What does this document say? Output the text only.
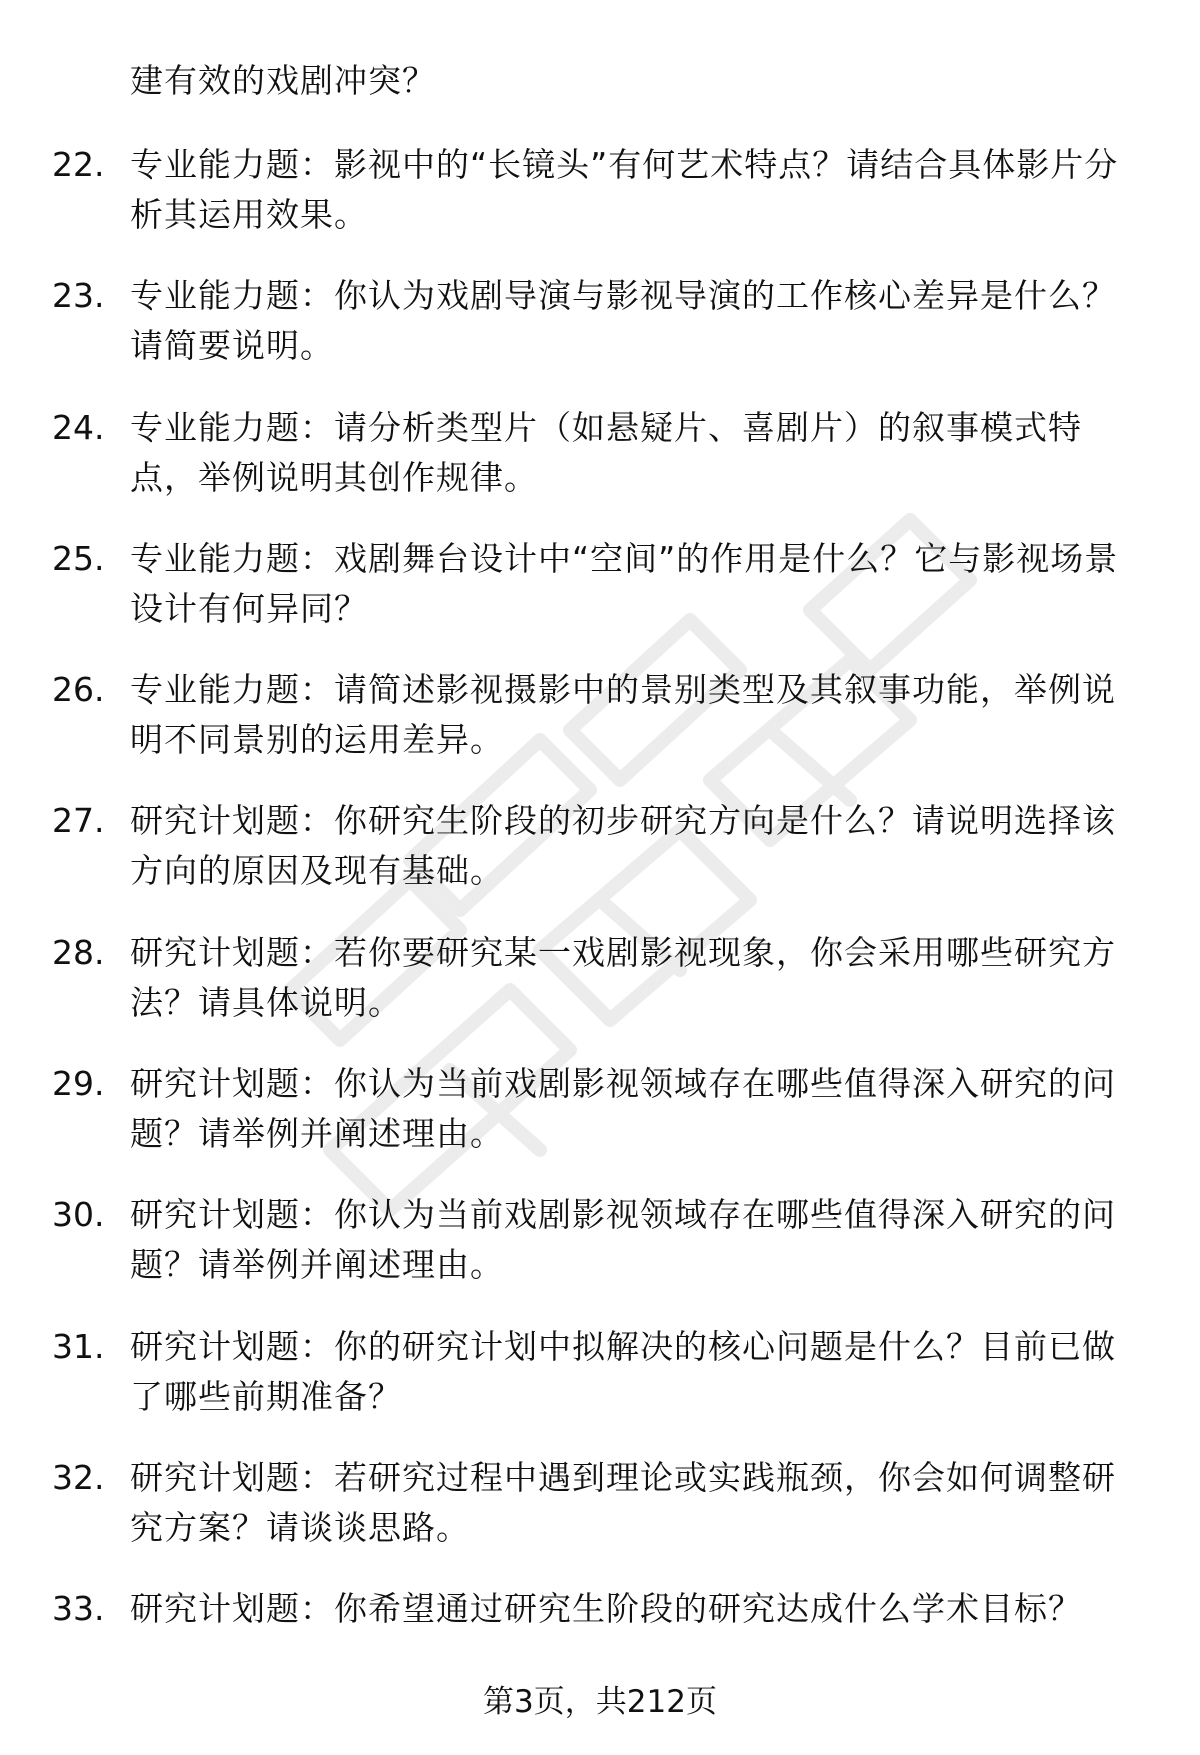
建有效的戏剧冲突？
22. 专业能力题：影视中的“长镜头”有何艺术特点？请结合具体影片分析其运用效果。
23. 专业能力题：你认为戏剧导演与影视导演的工作核心差异是什么？请简要说明。
24. 专业能力题：请分析类型片（如悬疑片、喜剧片）的叙事模式特点，举例说明其创作规律。
25. 专业能力题：戏剧舞台设计中“空间”的作用是什么？它与影视场景设计有何异同？
26. 专业能力题：请简述影视摄影中的景别类型及其叙事功能，举例说明不同景别的运用差异。
27. 研究计划题：你研究生阶段的初步研究方向是什么？请说明选择该方向的原因及现有基础。
28. 研究计划题：若你要研究某一戏剧影视现象，你会采用哪些研究方法？请具体说明。
29. 研究计划题：你认为当前戏剧影视领域存在哪些值得深入研究的问题？请举例并阐述理由。
30. 研究计划题：你认为当前戏剧影视领域存在哪些值得深入研究的问题？请举例并阐述理由。
31. 研究计划题：你的研究计划中拟解决的核心问题是什么？目前已做了哪些前期准备？
32. 研究计划题：若研究过程中遇到理论或实践瓶颈，你会如何调整研究方案？请谈谈思路。
33. 研究计划题：你希望通过研究生阶段的研究达成什么学术目标？
第3页，共212页
